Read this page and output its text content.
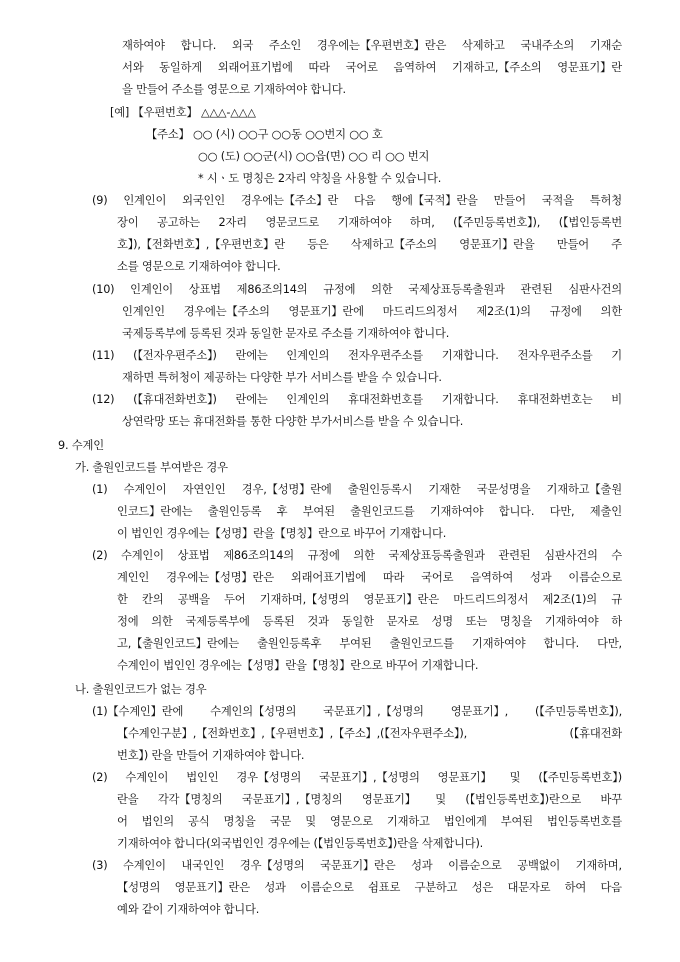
재하여야 합니다. 외국 주소인 경우에는【우편번호】란은 삭제하고 국내주소의 기재순
서와 동일하게 외래어표기법에 따라 국어로 음역하여 기재하고,【주소의 영문표기】란
을 만들어 주소를 영문으로 기재하여야 합니다.
[예] 【우편번호】 △△△-△△△
【주소】 ○○ (시) ○○구 ○○동 ○○번지 ○○ 호
○○ (도) ○○군(시) ○○읍(면) ○○ 리 ○○ 번지
* 시ㆍ도 명칭은 2자리 약칭을 사용할 수 있습니다.
(9) 인계인이 외국인인 경우에는【주소】란 다음 행에【국적】란을 만들어 국적을 특허청
장이 공고하는 2자리 영문코드로 기재하여야 하며, (【주민등록번호】), (【법인등록번
호】),【전화번호】,【우편번호】란 등은 삭제하고【주소의 영문표기】란을 만들어 주
소를 영문으로 기재하여야 합니다.
(10) 인계인이 상표법 제86조의14의 규정에 의한 국제상표등록출원과 관련된 심판사건의
인계인인 경우에는【주소의 영문표기】란에 마드리드의정서 제2조(1)의 규정에 의한
국제등록부에 등록된 것과 동일한 문자로 주소를 기재하여야 합니다.
(11) (【전자우편주소】) 란에는 인계인의 전자우편주소를 기재합니다. 전자우편주소를 기
재하면 특허청이 제공하는 다양한 부가 서비스를 받을 수 있습니다.
(12) (【휴대전화번호】) 란에는 인계인의 휴대전화번호를 기재합니다. 휴대전화번호는 비
상연락망 또는 휴대전화를 통한 다양한 부가서비스를 받을 수 있습니다.
9. 수계인
가. 출원인코드를 부여받은 경우
(1) 수계인이 자연인인 경우,【성명】란에 출원인등록시 기재한 국문성명을 기재하고【출원
인코드】란에는 출원인등록 후 부여된 출원인코드를 기재하여야 합니다. 다만, 제출인
이 법인인 경우에는【성명】란을【명칭】란으로 바꾸어 기재합니다.
(2) 수계인이 상표법 제86조의14의 규정에 의한 국제상표등록출원과 관련된 심판사건의 수
계인인 경우에는【성명】란은 외래어표기법에 따라 국어로 음역하여 성과 이름순으로
한 칸의 공백을 두어 기재하며,【성명의 영문표기】란은 마드리드의정서 제2조(1)의 규
정에 의한 국제등록부에 등록된 것과 동일한 문자로 성명 또는 명칭을 기재하여야 하
고,【출원인코드】란에는 출원인등록후 부여된 출원인코드를 기재하여야 합니다. 다만,
수계인이 법인인 경우에는【성명】란을【명칭】란으로 바꾸어 기재합니다.
나. 출원인코드가 없는 경우
(1)【수계인】란에 수계인의【성명의 국문표기】,【성명의 영문표기】, (【주민등록번호】),
【수계인구분】,【전화번호】,【우편번호】,【주소】,(【전자우편주소】),	(【휴대전화
번호】) 란을 만들어 기재하여야 합니다.
(2) 수계인이 법인인 경우【성명의 국문표기】,【성명의 영문표기】 및 (【주민등록번호】)
란을 각각【명칭의 국문표기】,【명칭의 영문표기】 및 (【법인등록번호】)란으로 바꾸
어 법인의 공식 명칭을 국문 및 영문으로 기재하고 법인에게 부여된 법인등록번호를
기재하여야 합니다(외국법인인 경우에는 (【법인등록번호】)란을 삭제합니다).
(3) 수계인이 내국인인 경우【성명의 국문표기】란은 성과 이름순으로 공백없이 기재하며,
【성명의 영문표기】란은 성과 이름순으로 쉼표로 구분하고 성은 대문자로 하여 다음
예와 같이 기재하여야 합니다.
